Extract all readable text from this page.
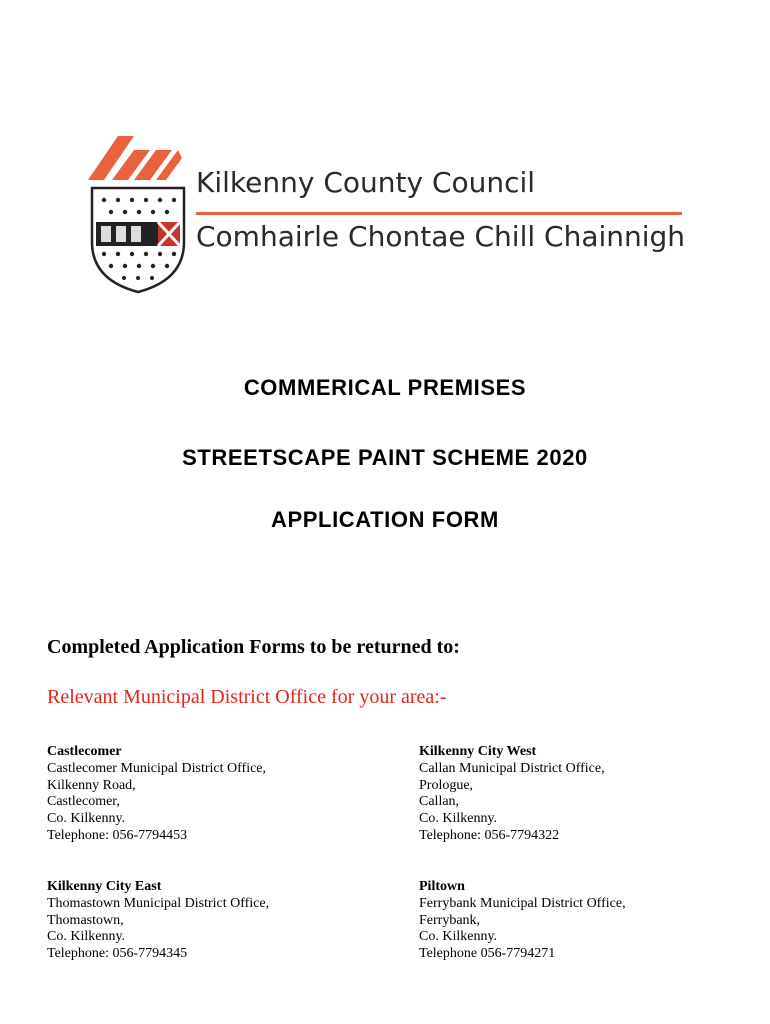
Kilkenny County Council
Comhairle Chontae Chill Chainnigh
COMMERICAL PREMISES
STREETSCAPE PAINT SCHEME 2020
APPLICATION FORM
Completed Application Forms to be returned to:
Relevant Municipal District Office for your area:-
Castlecomer
Castlecomer Municipal District Office,
Kilkenny Road,
Castlecomer,
Co. Kilkenny.
Telephone: 056-7794453
Kilkenny City West
Callan Municipal District Office,
Prologue,
Callan,
Co. Kilkenny.
Telephone: 056-7794322
Kilkenny City East
Thomastown Municipal District Office,
Thomastown,
Co. Kilkenny.
Telephone: 056-7794345
Piltown
Ferrybank Municipal District Office,
Ferrybank,
Co. Kilkenny.
Telephone 056-7794271
